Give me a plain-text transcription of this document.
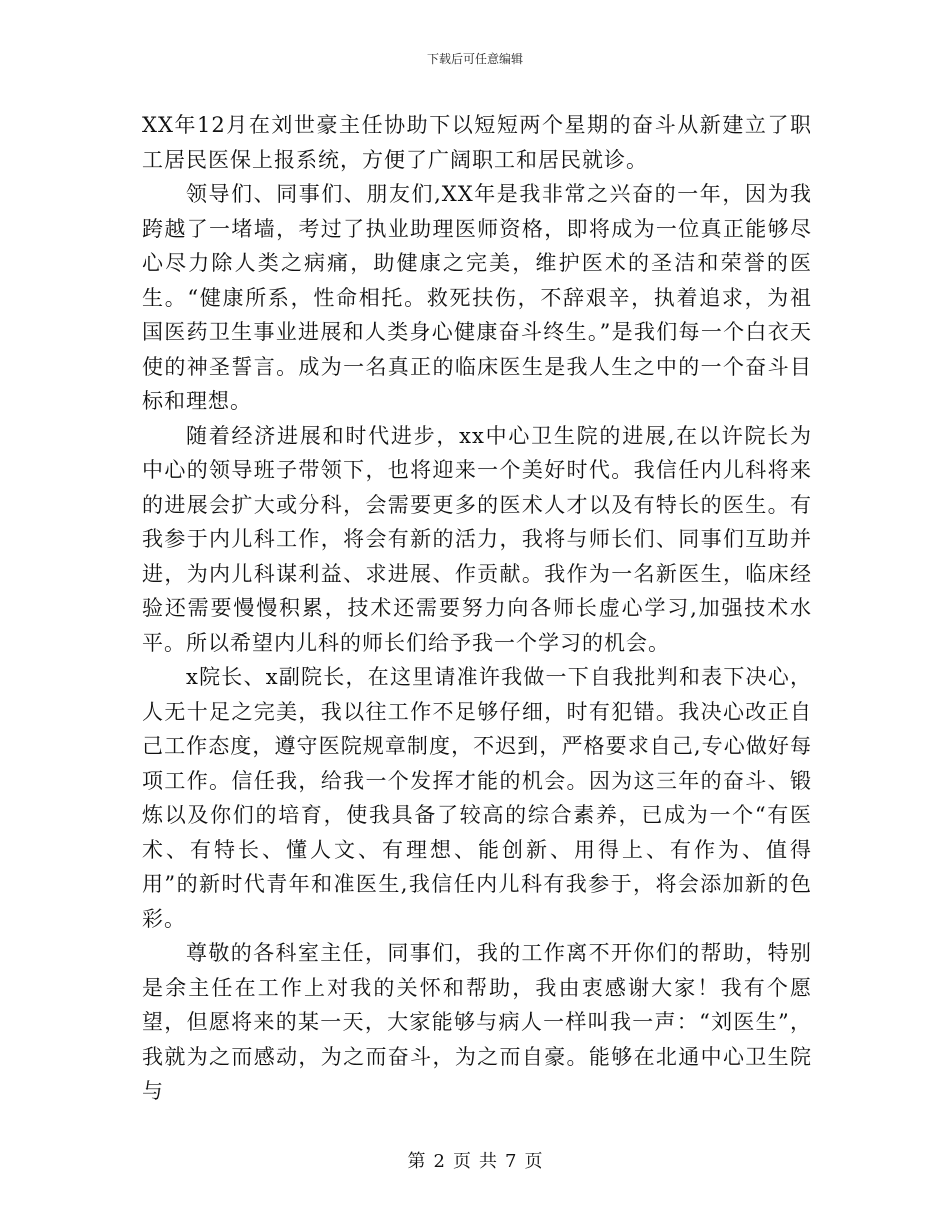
下载后可任意编辑

XX年12月在刘世豪主任协助下以短短两个星期的奋斗从新建立了职工居民医保上报系统，方便了广阔职工和居民就诊。

领导们、同事们、朋友们,XX年是我非常之兴奋的一年，因为我跨越了一堵墙，考过了执业助理医师资格，即将成为一位真正能够尽心尽力除人类之病痛，助健康之完美，维护医术的圣洁和荣誉的医生。“健康所系，性命相托。救死扶伤，不辞艰辛，执着追求，为祖国医药卫生事业进展和人类身心健康奋斗终生。”是我们每一个白衣天使的神圣誓言。成为一名真正的临床医生是我人生之中的一个奋斗目标和理想。

随着经济进展和时代进步，xx中心卫生院的进展,在以许院长为中心的领导班子带领下，也将迎来一个美好时代。我信任内儿科将来的进展会扩大或分科，会需要更多的医术人才以及有特长的医生。有我参于内儿科工作，将会有新的活力，我将与师长们、同事们互助并进，为内儿科谋利益、求进展、作贡献。我作为一名新医生，临床经验还需要慢慢积累，技术还需要努力向各师长虚心学习,加强技术水平。所以希望内儿科的师长们给予我一个学习的机会。

x院长、x副院长，在这里请准许我做一下自我批判和表下决心，人无十足之完美，我以往工作不足够仔细，时有犯错。我决心改正自己工作态度，遵守医院规章制度，不迟到，严格要求自己,专心做好每项工作。信任我，给我一个发挥才能的机会。因为这三年的奋斗、锻炼以及你们的培育，使我具备了较高的综合素养，已成为一个“有医术、有特长、懂人文、有理想、能创新、用得上、有作为、值得用”的新时代青年和准医生,我信任内儿科有我参于，将会添加新的色彩。

尊敬的各科室主任，同事们，我的工作离不开你们的帮助，特别是余主任在工作上对我的关怀和帮助，我由衷感谢大家！我有个愿望，但愿将来的某一天，大家能够与病人一样叫我一声：“刘医生”，我就为之而感动，为之而奋斗，为之而自豪。能够在北通中心卫生院与

第 2 页 共 7 页
